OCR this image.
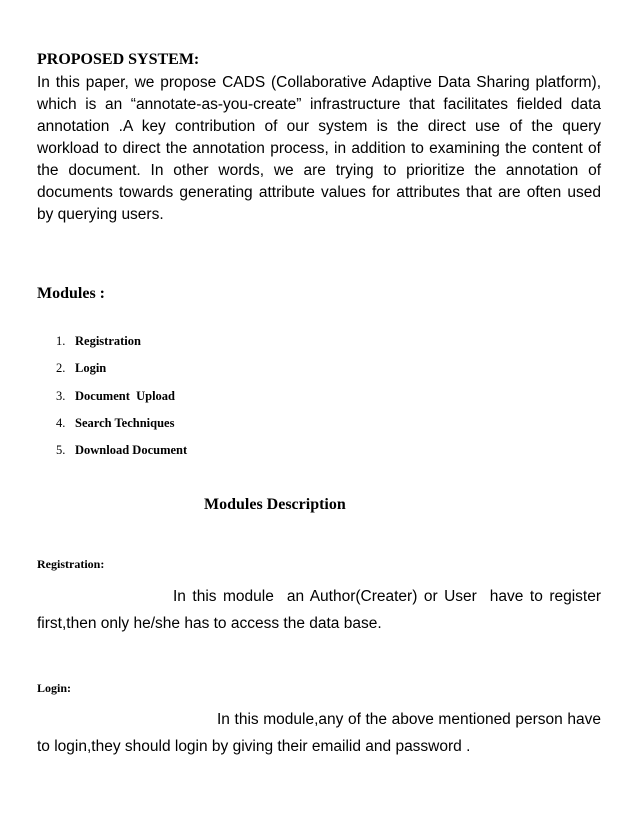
PROPOSED SYSTEM:

In this paper, we propose CADS (Collaborative Adaptive Data Sharing platform), which is an “annotate-as-you-create” infrastructure that facilitates fielded data annotation .A key contribution of our system is the direct use of the query workload to direct the annotation process, in addition to examining the content of the document. In other words, we are trying to prioritize the annotation of documents towards generating attribute values for attributes that are often used by querying users.

Modules :
1. Registration
2. Login
3. Document  Upload
4. Search Techniques
5. Download Document
Modules Description
Registration:

In this module  an Author(Creater) or User  have to register first,then only he/she has to access the data base.

Login:

In this module,any of the above mentioned person have to login,they should login by giving their emailid and password .
